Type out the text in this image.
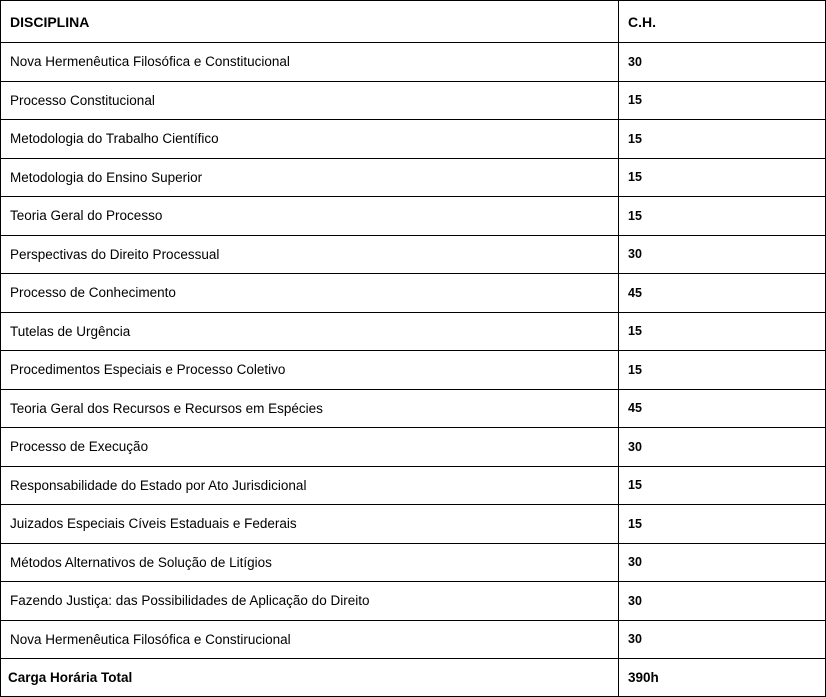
DISCIPLINA	C.H.
Nova Hermenêutica Filosófica e Constitucional	30
Processo Constitucional	15
Metodologia do Trabalho Científico	15
Metodologia do Ensino Superior	15
Teoria Geral do Processo	15
Perspectivas do Direito Processual	30
Processo de Conhecimento	45
Tutelas de Urgência	15
Procedimentos Especiais e Processo Coletivo	15
Teoria Geral dos Recursos e Recursos em Espécies	45
Processo de Execução	30
Responsabilidade do Estado por Ato Jurisdicional	15
Juizados Especiais Cíveis Estaduais e Federais	15
Métodos Alternativos de Solução de Litígios	30
Fazendo Justiça: das Possibilidades de Aplicação do Direito	30
Nova Hermenêutica Filosófica e Constirucional	30
Carga Horária Total	390h
